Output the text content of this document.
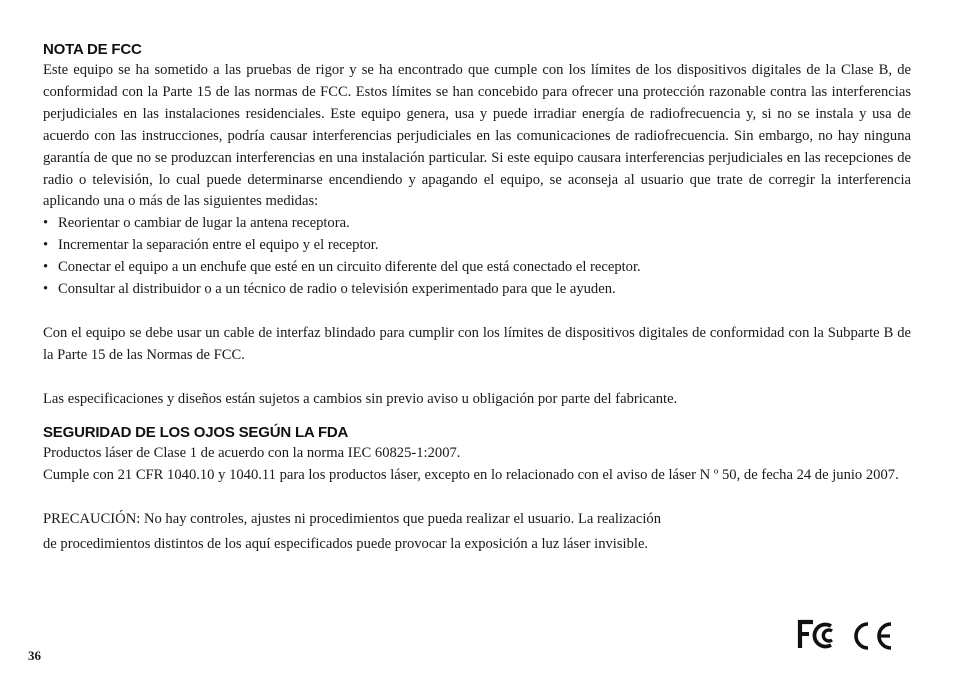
NOTA DE FCC

Este equipo se ha sometido a las pruebas de rigor y se ha encontrado que cumple con los límites de los dispositivos digitales de la Clase B, de conformidad con la Parte 15 de las normas de FCC. Estos límites se han concebido para ofrecer una protección razonable contra las interferencias perjudiciales en las instalaciones residenciales. Este equipo genera, usa y puede irradiar energía de radiofrecuencia y, si no se instala y usa de acuerdo con las instrucciones, podría causar interferencias perjudiciales en las comunicaciones de radiofrecuencia. Sin embargo, no hay ninguna garantía de que no se produzcan interferencias en una instalación particular. Si este equipo causara interferencias perjudiciales en las recepciones de radio o televisión, lo cual puede determinarse encendiendo y apagando el equipo, se aconseja al usuario que trate de corregir la interferencia aplicando una o más de las siguientes medidas:

• Reorientar o cambiar de lugar la antena receptora.
• Incrementar la separación entre el equipo y el receptor.
• Conectar el equipo a un enchufe que esté en un circuito diferente del que está conectado el receptor.
• Consultar al distribuidor o a un técnico de radio o televisión experimentado para que le ayuden.

Con el equipo se debe usar un cable de interfaz blindado para cumplir con los límites de dispositivos digitales de conformidad con la Subparte B de la Parte 15 de las Normas de FCC.

Las especificaciones y diseños están sujetos a cambios sin previo aviso u obligación por parte del fabricante.

SEGURIDAD DE LOS OJOS SEGÚN LA FDA

Productos láser de Clase 1 de acuerdo con la norma IEC 60825-1:2007.

Cumple con 21 CFR 1040.10 y 1040.11 para los productos láser, excepto en lo relacionado con el aviso de láser N º 50, de fecha 24 de junio 2007.

PRECAUCIÓN: No hay controles, ajustes ni procedimientos que pueda realizar el usuario. La realización

de procedimientos distintos de los aquí especificados puede provocar la exposición a luz láser invisible.

36
